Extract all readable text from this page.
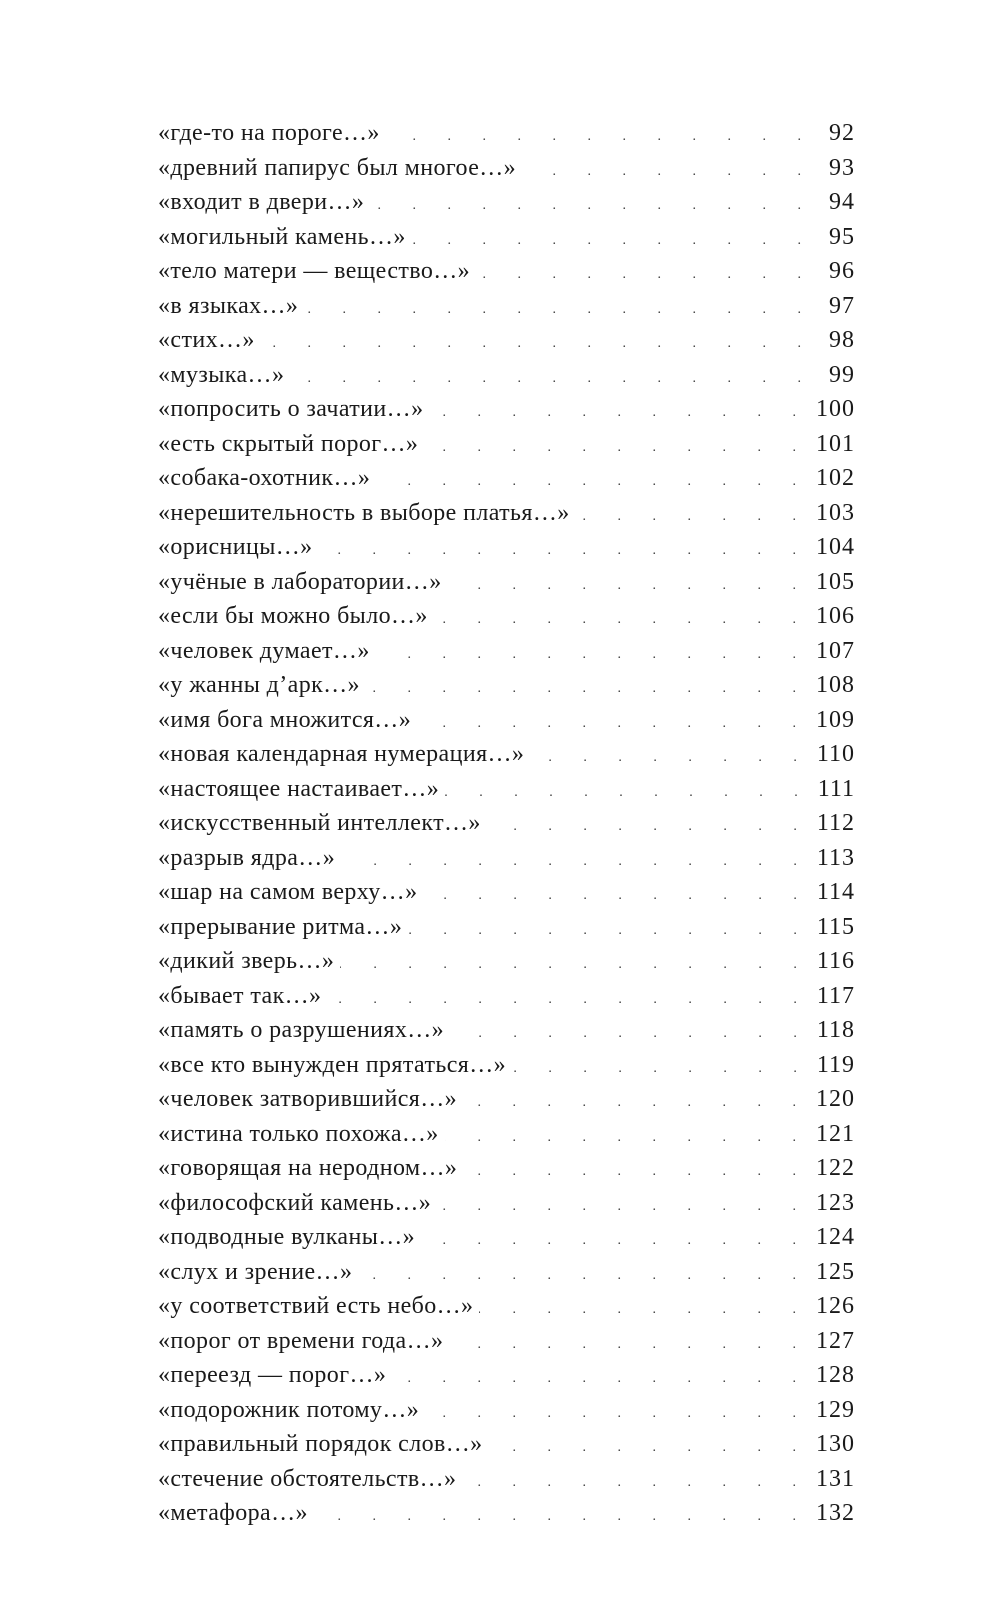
«где-то на пороге…» . . .	92
«древний папирус был многое…» . . .	93
«входит в двери…» . . .	94
«могильный камень…» . . .	95
«тело матери — вещество…» . . .	96
«в языках…» . . .	97
«стих…» . . .	98
«музыка…» . . .	99
«попросить о зачатии…» . . .	100
«есть скрытый порог…» . . .	101
«собака-охотник…» . . .	102
«нерешительность в выборе платья…» . . .	103
«орисницы…» . . .	104
«учёные в лаборатории…» . . .	105
«если бы можно было…» . . .	106
«человек думает…» . . .	107
«у жанны д’арк…» . . .	108
«имя бога множится…» . . .	109
«новая календарная нумерация…» . . .	110
«настоящее настаивает…» . . .	111
«искусственный интеллект…» . . .	112
«разрыв ядра…» . . .	113
«шар на самом верху…» . . .	114
«прерывание ритма…» . . .	115
«дикий зверь…» . . .	116
«бывает так…» . . .	117
«память о разрушениях…» . . .	118
«все кто вынужден прятаться…» . . .	119
«человек затворившийся…» . . .	120
«истина только похожа…» . . .	121
«говорящая на неродном…» . . .	122
«философский камень…» . . .	123
«подводные вулканы…» . . .	124
«слух и зрение…» . . .	125
«у соответствий есть небо…» . . .	126
«порог от времени года…» . . .	127
«переезд — порог…» . . .	128
«подорожник потому…» . . .	129
«правильный порядок слов…» . . .	130
«стечение обстоятельств…» . . .	131
«метафора…» . . .	132
